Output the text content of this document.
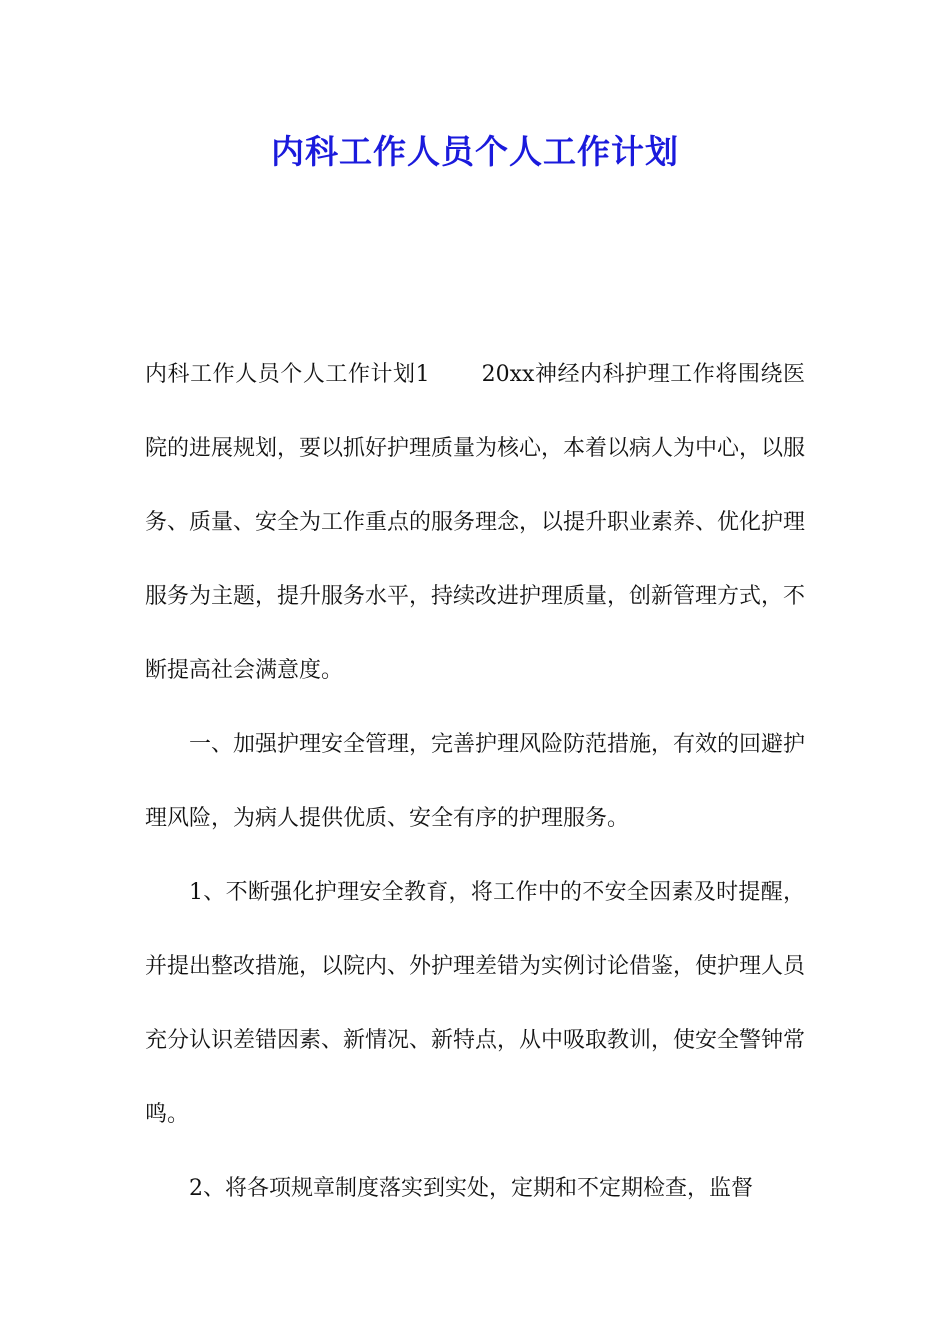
内科工作人员个人工作计划

内科工作人员个人工作计划1 20xx神经内科护理工作将围绕医院的进展规划，要以抓好护理质量为核心，本着以病人为中心，以服务、质量、安全为工作重点的服务理念，以提升职业素养、优化护理服务为主题，提升服务水平，持续改进护理质量，创新管理方式，不断提高社会满意度。

一、加强护理安全管理，完善护理风险防范措施，有效的回避护理风险，为病人提供优质、安全有序的护理服务。

1、不断强化护理安全教育，将工作中的不安全因素及时提醒，并提出整改措施，以院内、外护理差错为实例讨论借鉴，使护理人员充分认识差错因素、新情况、新特点，从中吸取教训，使安全警钟常鸣。

2、将各项规章制度落实到实处，定期和不定期检查，监督
